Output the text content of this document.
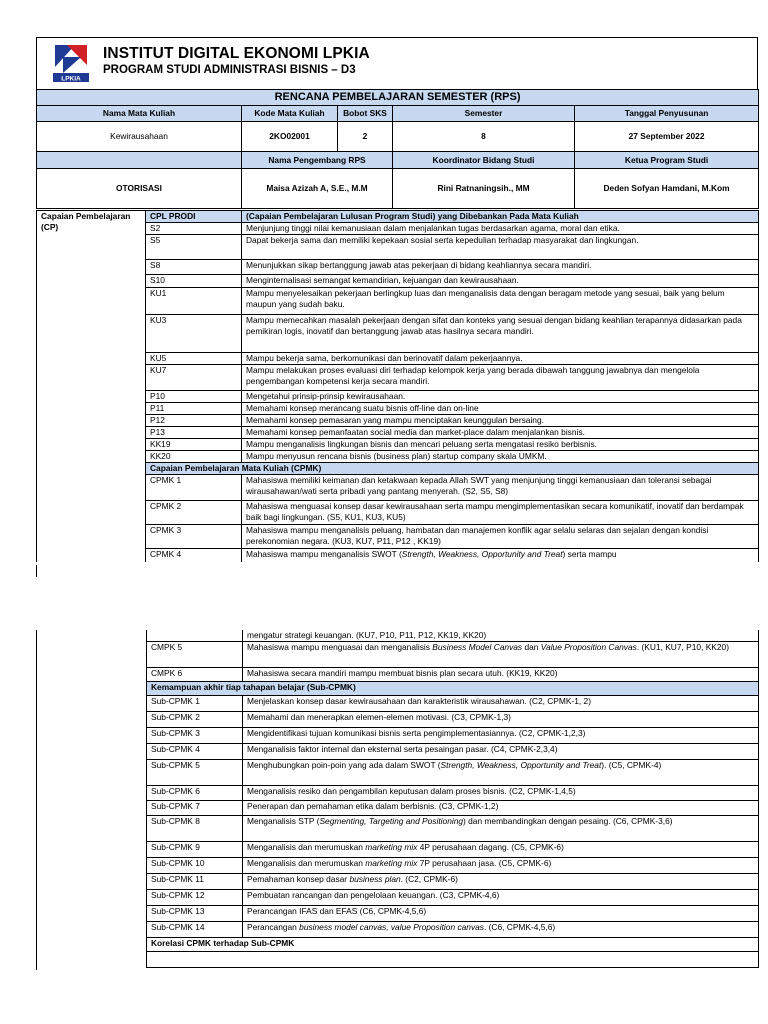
LPKIA
INSTITUT DIGITAL EKONOMI LPKIA
PROGRAM STUDI ADMINISTRASI BISNIS – D3
RENCANA PEMBELAJARAN SEMESTER (RPS)				
Nama Mata Kuliah	Kode Mata Kuliah	Bobot SKS	Semester	Tanggal Penyusunan
Kewirausahaan	2KO02001	2	8	27 September 2022
	Nama Pengembang RPS		Koordinator Bidang Studi	Ketua Program Studi
OTORISASI	Maisa Azizah A, S.E., M.M		Rini Ratnaningsih., MM	Deden Sofyan Hamdani, M.Kom
Capaian Pembelajaran (CP)	CPL PRODI	(Capaian Pembelajaran Lulusan Program Studi) yang Dibebankan Pada Mata Kuliah
	S2	Menjunjung tinggi nilai kemanusiaan dalam menjalankan tugas berdasarkan agama, moral dan etika.
	S5	Dapat bekerja sama dan memiliki kepekaan sosial serta kepedulian terhadap masyarakat dan lingkungan.
	S8	Menunjukkan sikap bertanggung jawab atas pekerjaan di bidang keahliannya secara mandiri.
	S10	Menginternalisasi semangat kemandirian, kejuangan dan kewirausahaan.
	KU1	Mampu menyelesaikan pekerjaan berlingkup luas dan menganalisis data dengan beragam metode yang sesuai, baik yang belum maupun yang sudah baku.
	KU3	Mampu memecahkan masalah pekerjaan dengan sifat dan konteks yang sesuai dengan bidang keahlian terapannya didasarkan pada pemikiran logis, inovatif dan bertanggung jawab atas hasilnya secara mandiri.
	KU5	Mampu bekerja sama, berkomunikasi dan berinovatif dalam pekerjaannya.
	KU7	Mampu melakukan proses evaluasi diri terhadap kelompok kerja yang berada dibawah tanggung jawabnya dan mengelola pengembangan kompetensi kerja secara mandiri.
	P10	Mengetahui prinsip-prinsip kewirausahaan.
	P11	Memahami konsep merancang suatu bisnis off-line dan on-line
	P12	Memahami konsep pemasaran yang mampu menciptakan keunggulan bersaing.
	P13	Memahami konsep pemanfaatan social media dan market-place dalam menjalankan bisnis.
	KK19	Mampu menganalisis lingkungan bisnis dan mencari peluang serta mengatasi resiko berbisnis.
	KK20	Mampu menyusun rencana bisnis (business plan) startup company skala UMKM.
	Capaian Pembelajaran Mata Kuliah (CPMK)	
	CPMK 1	Mahasiswa memiliki keimanan dan ketakwaan kepada Allah SWT yang menjunjung tinggi kemanusiaan dan toleransi sebagai wirausahawan/wati serta pribadi yang pantang menyerah. (S2, S5, S8)
	CPMK 2	Mahasiswa menguasai konsep dasar kewirausahaan serta mampu mengimplementasikan secara komunikatif, inovatif dan berdampak baik bagi lingkungan. (S5, KU1, KU3, KU5)
	CPMK 3	Mahasiswa mampu menganalisis peluang, hambatan dan manajemen konflik agar selalu selaras dan sejalan dengan kondisi perekonomian negara. (KU3, KU7, P11, P12 , KK19)
	CPMK 4	Mahasiswa mampu menganalisis SWOT (Strength, Weakness, Opportunity and Treat) serta mampu
	mengatur strategi keuangan. (KU7, P10, P11, P12, KK19, KK20)
CMPK 5	Mahasiswa mampu menguasai dan menganalisis Business Model Canvas dan Value Proposition Canvas. (KU1, KU7, P10, KK20)
CMPK 6	Mahasiswa secara mandiri mampu membuat bisnis plan secara utuh. (KK19, KK20)
Kemampuan akhir tiap tahapan belajar (Sub-CPMK)	
Sub-CPMK 1	Menjelaskan konsep dasar kewirausahaan dan karakteristik wirausahawan. (C2, CPMK-1, 2)
Sub-CPMK 2	Memahami dan menerapkan elemen-elemen motivasi. (C3, CPMK-1,3)
Sub-CPMK 3	Mengidentifikasi tujuan komunikasi bisnis serta pengimplementasiannya. (C2, CPMK-1,2,3)
Sub-CPMK 4	Menganalisis faktor internal dan eksternal serta pesaingan pasar. (C4, CPMK-2,3,4)
Sub-CPMK 5	Menghubungkan poin-poin yang ada dalam SWOT (Strength, Weakness, Opportunity and Treat). (C5, CPMK-4)
Sub-CPMK 6	Menganalisis resiko dan pengambilan keputusan dalam proses bisnis. (C2, CPMK-1,4,5)
Sub-CPMK 7	Penerapan dan pemahaman etika dalam berbisnis. (C3, CPMK-1,2)
Sub-CPMK 8	Menganalisis STP (Segmenting, Targeting and Positioning) dan membandingkan dengan pesaing. (C6, CPMK-3,6)
Sub-CPMK 9	Menganalisis dan merumuskan marketing mix 4P perusahaan dagang. (C5, CPMK-6)
Sub-CPMK 10	Menganalisis dan merumuskan marketing mix 7P perusahaan jasa. (C5, CPMK-6)
Sub-CPMK 11	Pemahaman konsep dasar business plan. (C2, CPMK-6)
Sub-CPMK 12	Pembuatan rancangan dan pengelolaan keuangan. (C3, CPMK-4,6)
Sub-CPMK 13	Perancangan IFAS dan EFAS (C6, CPMK-4,5,6)
Sub-CPMK 14	Perancangan business model canvas, value Proposition canvas. (C6, CPMK-4,5,6)
Korelasi CPMK terhadap Sub-CPMK	
